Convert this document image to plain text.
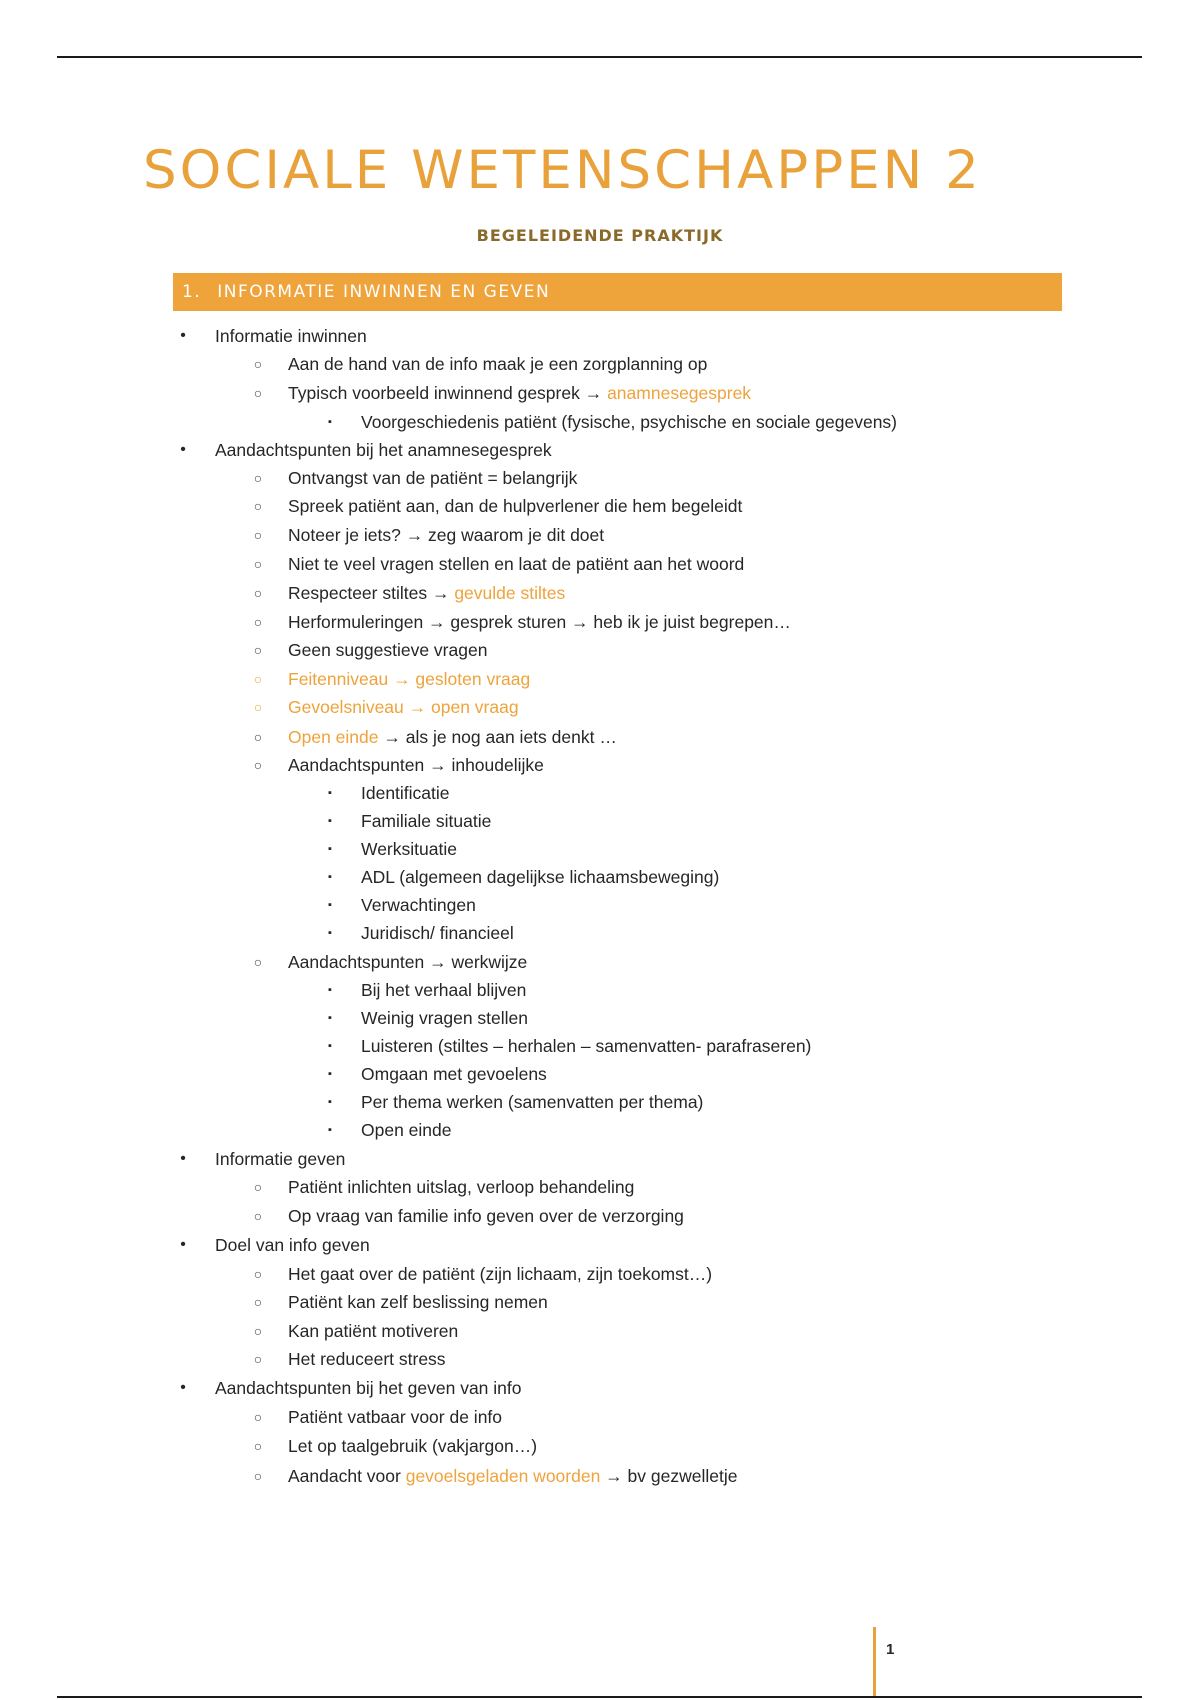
SOCIALE WETENSCHAPPEN 2
BEGELEIDENDE PRAKTIJK
1. INFORMATIE INWINNEN EN GEVEN
•	Informatie inwinnen
○	Aan de hand van de info maak je een zorgplanning op
○	Typisch voorbeeld inwinnend gesprek → anamnesegesprek
▪	Voorgeschiedenis patiënt (fysische, psychische en sociale gegevens)
•	Aandachtspunten bij het anamnesegesprek
○	Ontvangst van de patiënt = belangrijk
○	Spreek patiënt aan, dan de hulpverlener die hem begeleidt
○	Noteer je iets? → zeg waarom je dit doet
○	Niet te veel vragen stellen en laat de patiënt aan het woord
○	Respecteer stiltes → gevulde stiltes
○	Herformuleringen → gesprek sturen → heb ik je juist begrepen…
○	Geen suggestieve vragen
○	Feitenniveau → gesloten vraag
○	Gevoelsniveau → open vraag
○	Open einde → als je nog aan iets denkt …
○	Aandachtspunten → inhoudelijke
▪	Identificatie
▪	Familiale situatie
▪	Werksituatie
▪	ADL (algemeen dagelijkse lichaamsbeweging)
▪	Verwachtingen
▪	Juridisch/ financieel
○	Aandachtspunten → werkwijze
▪	Bij het verhaal blijven
▪	Weinig vragen stellen
▪	Luisteren (stiltes – herhalen – samenvatten- parafraseren)
▪	Omgaan met gevoelens
▪	Per thema werken (samenvatten per thema)
▪	Open einde
•	Informatie geven
○	Patiënt inlichten uitslag, verloop behandeling
○	Op vraag van familie info geven over de verzorging
•	Doel van info geven
○	Het gaat over de patiënt (zijn lichaam, zijn toekomst…)
○	Patiënt kan zelf beslissing nemen
○	Kan patiënt motiveren
○	Het reduceert stress
•	Aandachtspunten bij het geven van info
○	Patiënt vatbaar voor de info
○	Let op taalgebruik (vakjargon…)
○	Aandacht voor gevoelsgeladen woorden → bv gezwelletje
1
